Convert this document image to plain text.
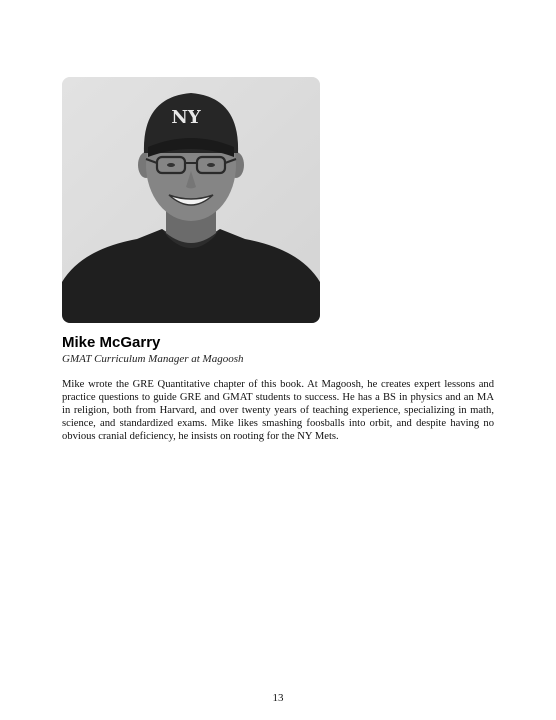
NY
Mike McGarry
GMAT Curriculum Manager at Magoosh

Mike wrote the GRE Quantitative chapter of this book. At Magoosh, he creates expert lessons and practice questions to guide GRE and GMAT students to success. He has a BS in physics and an MA in religion, both from Harvard, and over twenty years of teaching experience, specializing in math, science, and standardized exams. Mike likes smashing foosballs into orbit, and despite having no obvious cranial deficiency, he insists on rooting for the NY Mets.

13
